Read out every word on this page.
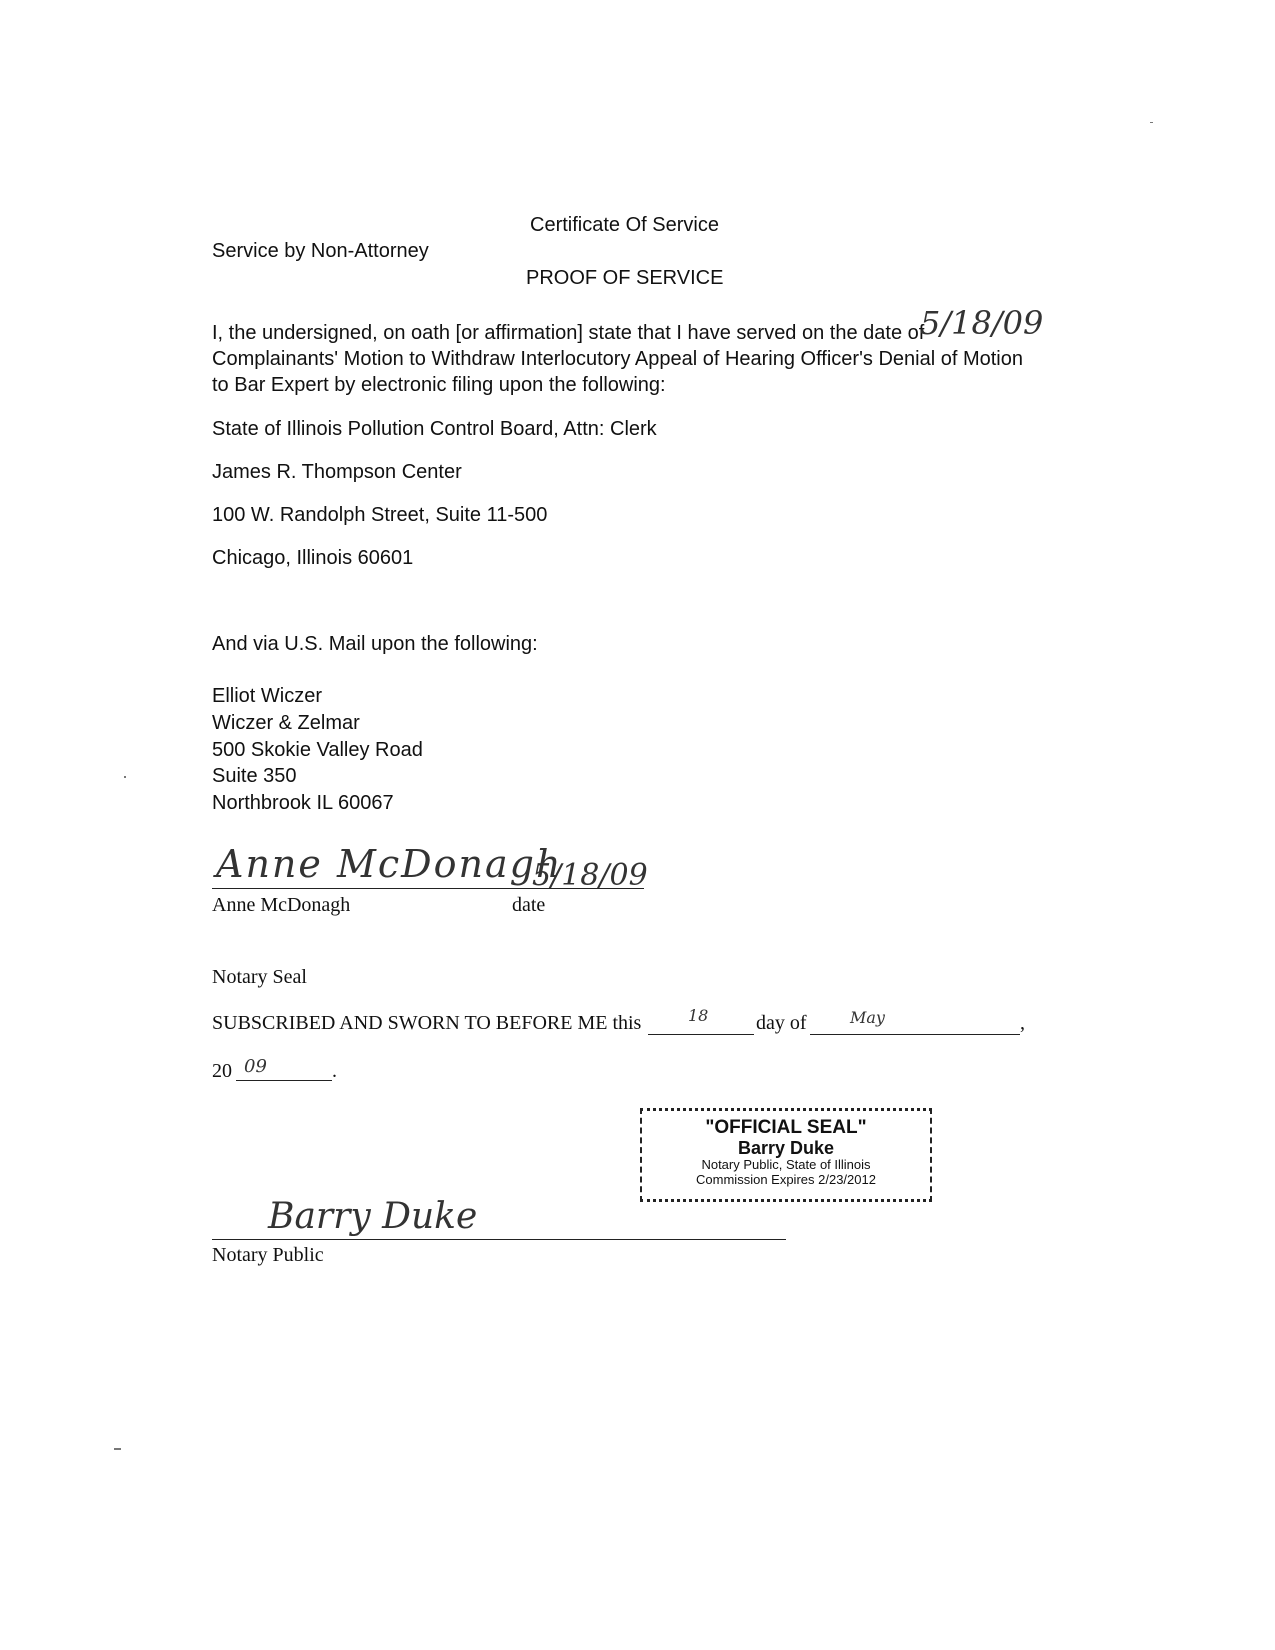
Certificate Of Service
Service by Non-Attorney
PROOF OF SERVICE
I, the undersigned, on oath [or affirmation] state that I have served on the date of
5/18/09
Complainants' Motion to Withdraw Interlocutory Appeal of Hearing Officer's Denial of Motion
to Bar Expert by electronic filing upon the following:
State of Illinois Pollution Control Board, Attn: Clerk
James R. Thompson Center
100 W. Randolph Street, Suite 11-500
Chicago, Illinois 60601
And via U.S. Mail upon the following:
Elliot Wiczer
Wiczer & Zelmar
500 Skokie Valley Road
Suite 350
Northbrook IL 60067
Anne McDonagh
5/18/09
Anne McDonagh	date
Notary Seal
SUBSCRIBED AND SWORN TO BEFORE ME this	18 day of	May	,
20 09	.
"OFFICIAL SEAL"
Barry Duke
Notary Public, State of Illinois
Commission Expires 2/23/2012
Barry Duke
Notary Public
